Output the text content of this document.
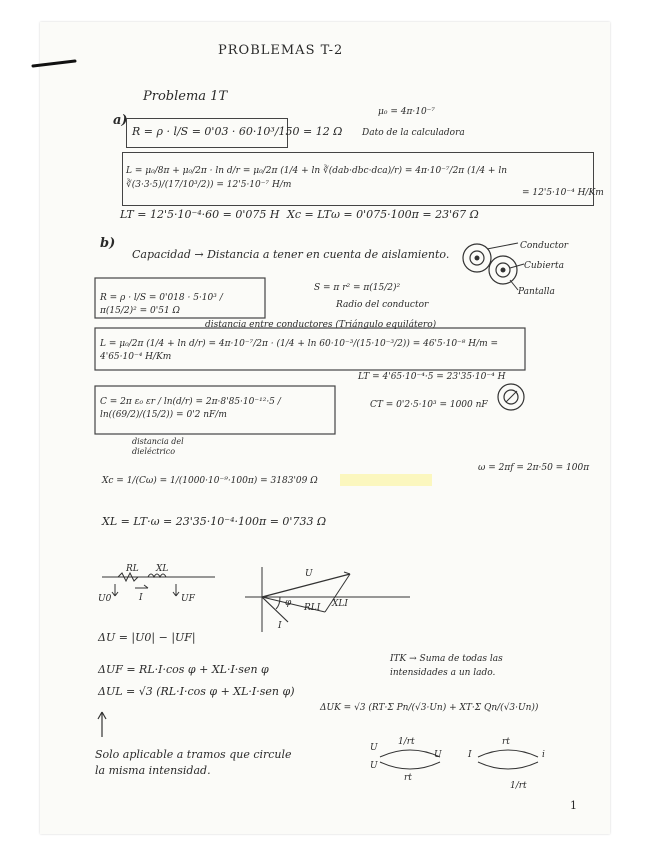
PROBLEMAS T-2
Problema 1T
a)
μ₀ = 4π·10⁻⁷
Dato de la calculadora
R = ρ · l/S = 0'03 · 60·10³/150 = 12 Ω
L = μ₀/8π + μ₀/2π · ln d/r = μ₀/2π (1/4 + ln ∛(dab·dbc·dca)/r) = 4π·10⁻⁷/2π (1/4 + ln ∛(3·3·5)/(17/10³/2)) = 12'5·10⁻⁷ H/m
= 12'5·10⁻⁴ H/Km
LT = 12'5·10⁻⁴·60 = 0'075 H Xc = LTω = 0'075·100π = 23'67 Ω
b)
Capacidad → Distancia a tener en cuenta de aislamiento.
Conductor
Cubierta
Pantalla
R = ρ · l/S = 0'018 · 5·10³ / π(15/2)² = 0'51 Ω
S = π r² = π(15/2)²
Radio del conductor
distancia entre conductores (Triángulo equilátero)
L = μ₀/2π (1/4 + ln d/r) = 4π·10⁻⁷/2π · (1/4 + ln 60·10⁻³/(15·10⁻³/2)) = 46'5·10⁻⁸ H/m = 4'65·10⁻⁴ H/Km
LT = 4'65·10⁻⁴·5 = 23'35·10⁻⁴ H
C = 2π ε₀ εr / ln(d/r) = 2π·8'85·10⁻¹²·5 / ln((69/2)/(15/2)) = 0'2 nF/m
distancia del dieléctrico
CT = 0'2·5·10³ = 1000 nF
Xc = 1/(Cω) = 1/(1000·10⁻⁹·100π) = 3183'09 Ω
ω = 2πf = 2π·50 = 100π
XL = LT·ω = 23'35·10⁻⁴·100π = 0'733 Ω
RL XL
I
U0	UF
U
I
RLI XLI
φ
ΔU = |U0| − |UF|
ΔUF = RL·I·cos φ + XL·I·sen φ
ΔUL = √3 (RL·I·cos φ + XL·I·sen φ)
ITK → Suma de todas las intensidades a un lado.
ΔUK = √3 (RT·Σ Pn/(√3·Un) + XT·Σ Qn/(√3·Un))
Solo aplicable a tramos que circule la misma intensidad.
U
U
1/rt
rt
U	I
rt
i
1/rt
1
